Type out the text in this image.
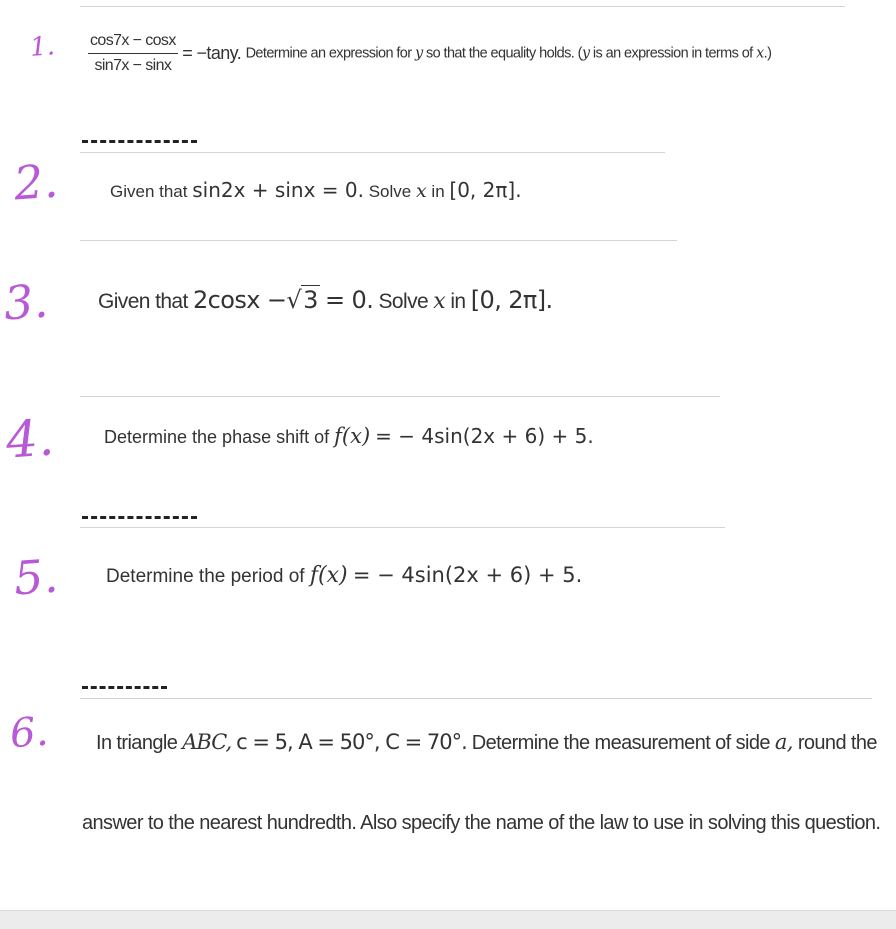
1.
2.
3.
4.
5.
6.
$\frac{\cos 7x - \cos x}{\sin 7x - \sin x} = -\tan y$. Determine an expression for y so that the equality holds. (y is an expression in terms of x.)
Given that sin2x + sinx = 0. Solve x in [0, 2π].
Given that 2cosx −√3 = 0. Solve x in [0, 2π].
Determine the phase shift of f(x) = − 4sin(2x + 6) + 5.
Determine the period of f(x) = − 4sin(2x + 6) + 5.
In triangle ABC, c = 5, A = 50°, C = 70°. Determine the measurement of side a, round the
answer to the nearest hundredth. Also specify the name of the law to use in solving this question.
